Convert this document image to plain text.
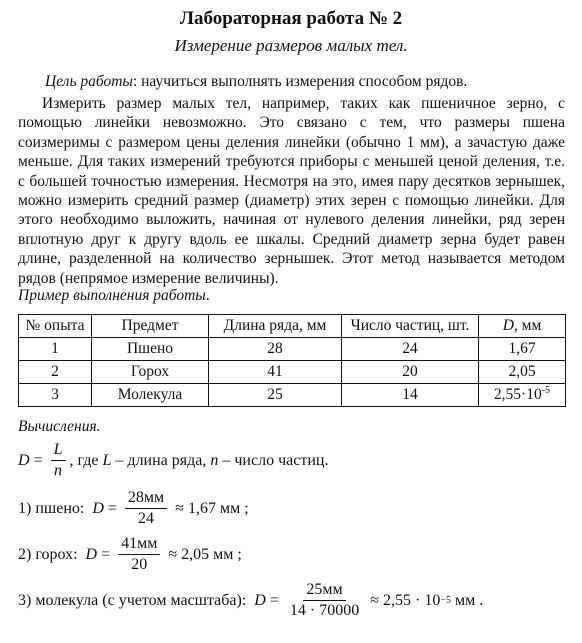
Лабораторная работа № 2
Измерение размеров малых тел.
Цель работы: научиться выполнять измерения способом рядов.
Измерить размер малых тел, например, таких как пшеничное зерно, с помощью линейки невозможно. Это связано с тем, что размеры пшена соизмеримы с размером цены деления линейки (обычно 1 мм), а зачастую даже меньше. Для таких измерений требуются приборы с меньшей ценой деления, т.е. с большей точностью измерения. Несмотря на это, имея пару десятков зернышек, можно измерить средний размер (диаметр) этих зерен с помощью линейки. Для этого необходимо выложить, начиная от нулевого деления линейки, ряд зерен вплотную друг к другу вдоль ее шкалы. Средний диаметр зерна будет равен длине, разделенной на количество зернышек. Этот метод называется методом рядов (непрямое измерение величины).
Пример выполнения работы.
№ опыта	Предмет	Длина ряда, мм	Число частиц, шт.	D, мм
1	Пшено	28	24	1,67
2	Горох	41	20	2,05
3	Молекула	25	14	$2,55\cdot 10^{-5}$
Вычисления.
$D = \frac{L}{n}$ , где L – длина ряда, n – число частиц.
1) пшено: $D = \frac{28мм}{24} \approx 1,67$ мм ;
2) горох: $D = \frac{41мм}{20} \approx 2,05$ мм ;
3) молекула (с учетом масштаба): $D = \frac{25мм}{14 \cdot 70000} \approx 2,55 \cdot 10 -5$ мм .
